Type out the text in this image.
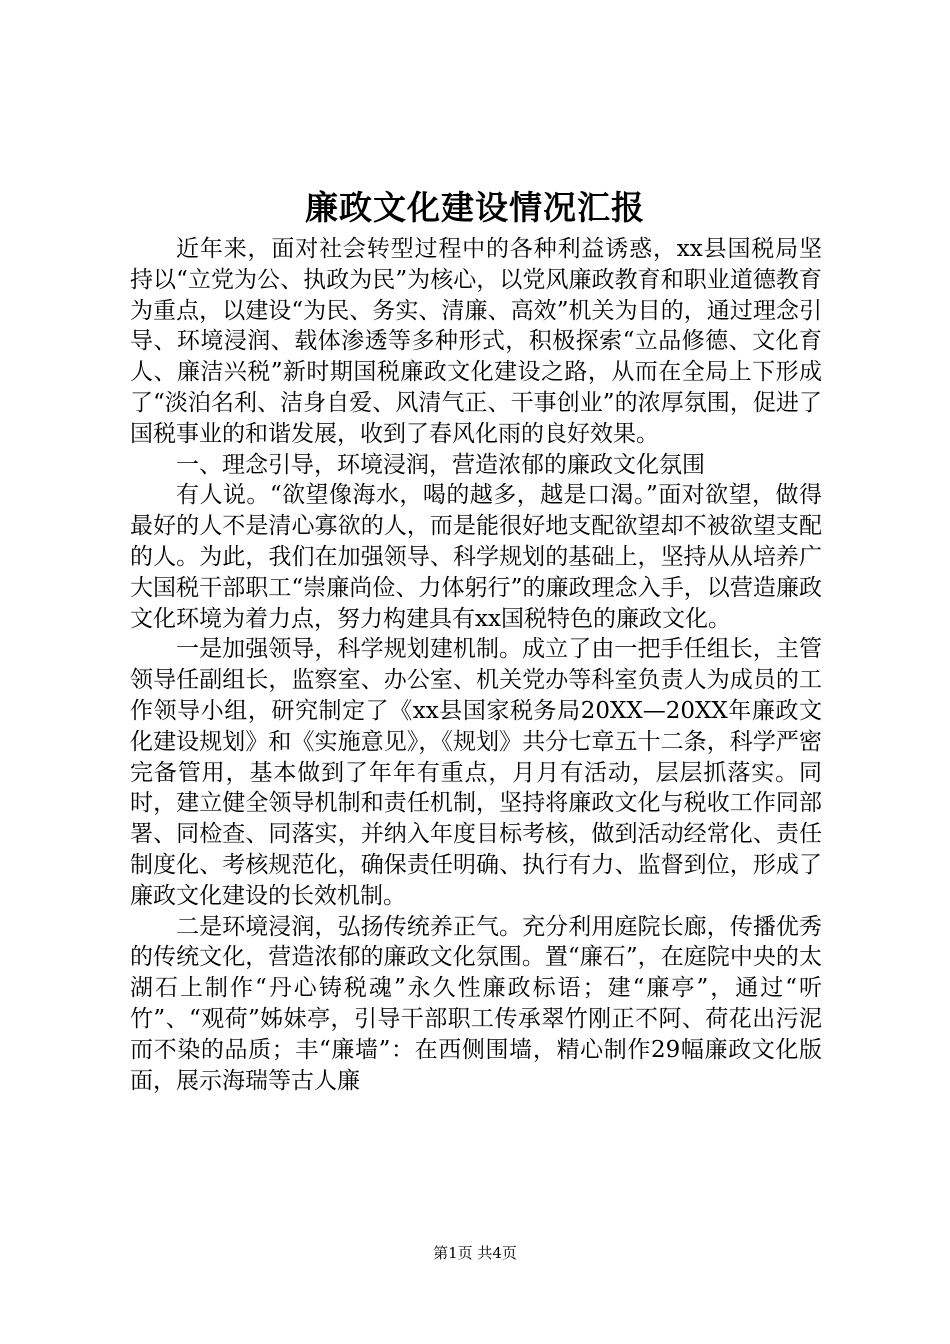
廉政文化建设情况汇报

近年来，面对社会转型过程中的各种利益诱惑，xx县国税局坚持以“立党为公、执政为民”为核心，以党风廉政教育和职业道德教育为重点，以建设“为民、务实、清廉、高效”机关为目的，通过理念引导、环境浸润、载体渗透等多种形式，积极探索“立品修德、文化育人、廉洁兴税”新时期国税廉政文化建设之路，从而在全局上下形成了“淡泊名利、洁身自爱、风清气正、干事创业”的浓厚氛围，促进了国税事业的和谐发展，收到了春风化雨的良好效果。

一、理念引导，环境浸润，营造浓郁的廉政文化氛围

有人说。“欲望像海水，喝的越多，越是口渴。”面对欲望，做得最好的人不是清心寡欲的人，而是能很好地支配欲望却不被欲望支配的人。为此，我们在加强领导、科学规划的基础上，坚持从从培养广大国税干部职工“崇廉尚俭、力体躬行”的廉政理念入手，以营造廉政文化环境为着力点，努力构建具有xx国税特色的廉政文化。

一是加强领导，科学规划建机制。成立了由一把手任组长，主管领导任副组长，监察室、办公室、机关党办等科室负责人为成员的工作领导小组，研究制定了《xx县国家税务局20XX—20XX年廉政文化建设规划》和《实施意见》，《规划》共分七章五十二条，科学严密完备管用，基本做到了年年有重点，月月有活动，层层抓落实。同时，建立健全领导机制和责任机制，坚持将廉政文化与税收工作同部署、同检查、同落实，并纳入年度目标考核，做到活动经常化、责任制度化、考核规范化，确保责任明确、执行有力、监督到位，形成了廉政文化建设的长效机制。

二是环境浸润，弘扬传统养正气。充分利用庭院长廊，传播优秀的传统文化，营造浓郁的廉政文化氛围。置“廉石”，在庭院中央的太湖石上制作“丹心铸税魂”永久性廉政标语；建“廉亭”，通过“听竹”、“观荷”姊妹亭，引导干部职工传承翠竹刚正不阿、荷花出污泥而不染的品质；丰“廉墙”：在西侧围墙，精心制作29幅廉政文化版面，展示海瑞等古人廉

第1页 共4页
